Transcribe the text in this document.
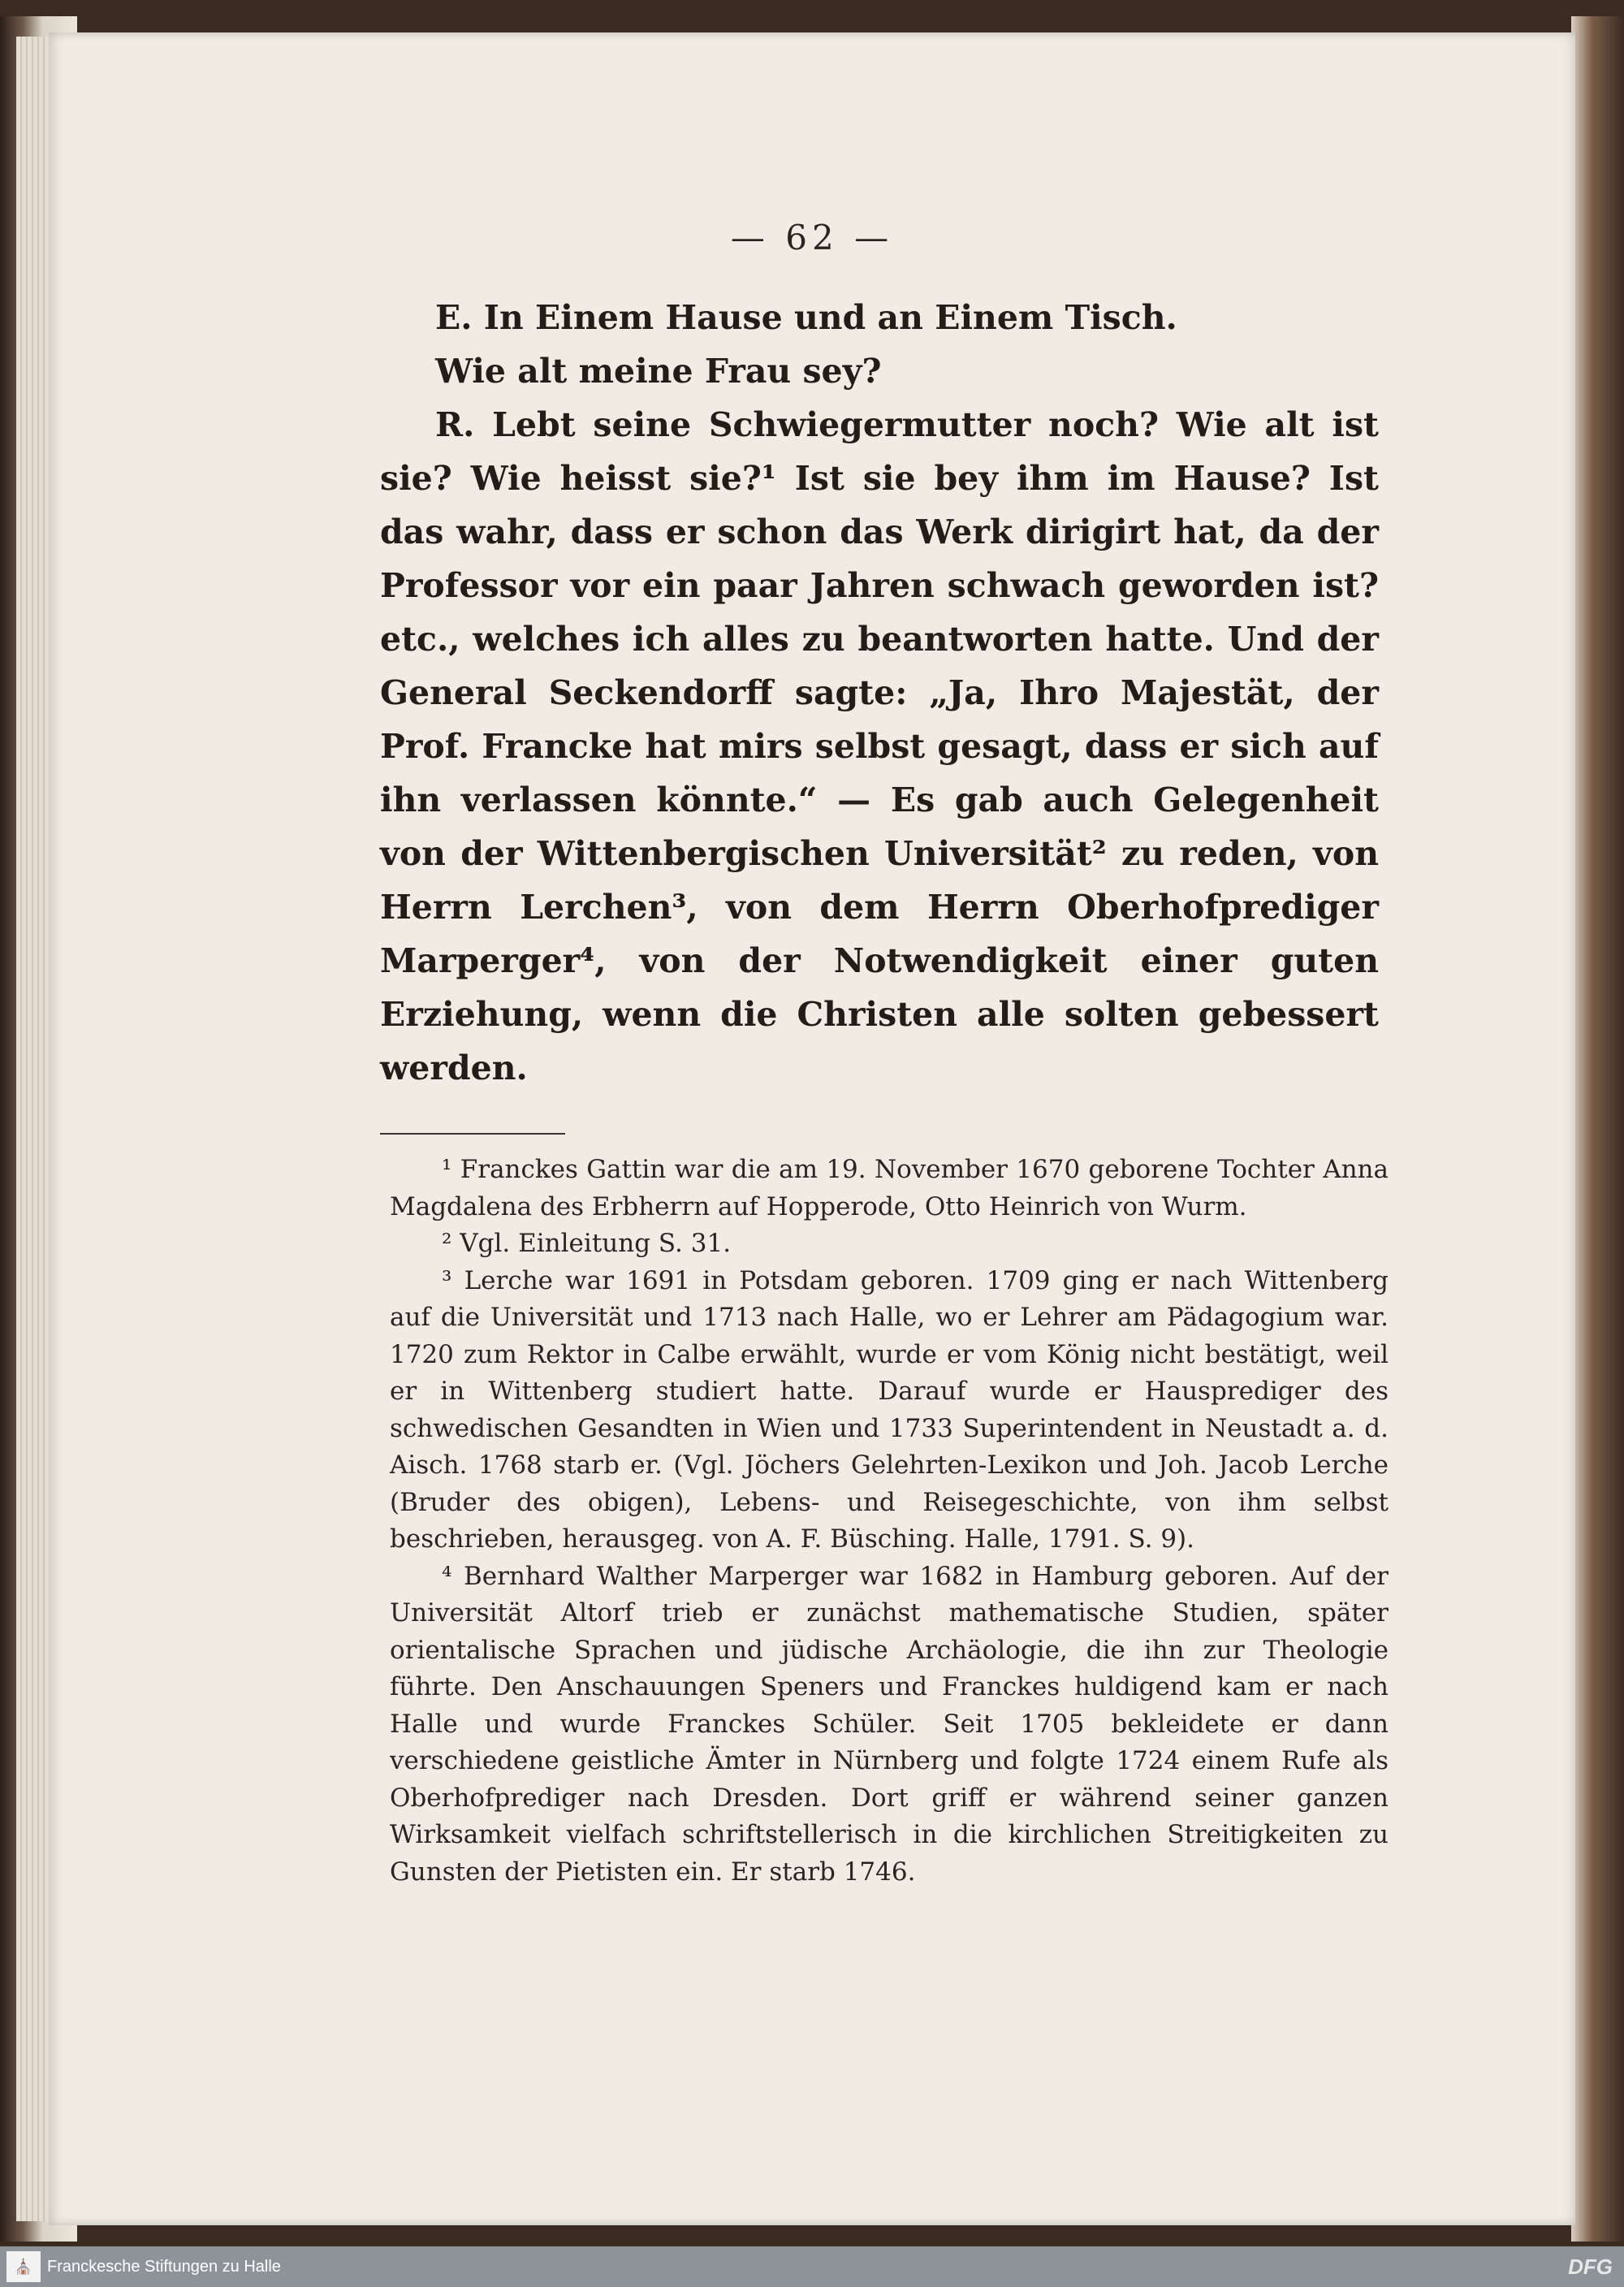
— 62 —

E. In Einem Hause und an Einem Tisch.

Wie alt meine Frau sey?

R. Lebt seine Schwiegermutter noch? Wie alt ist sie? Wie heisst sie?¹ Ist sie bey ihm im Hause? Ist das wahr, dass er schon das Werk dirigirt hat, da der Professor vor ein paar Jahren schwach geworden ist? etc., welches ich alles zu beantworten hatte. Und der General Seckendorff sagte: „Ja, Ihro Majestät, der Prof. Francke hat mirs selbst gesagt, dass er sich auf ihn verlassen könnte.“ — Es gab auch Gelegenheit von der Wittenbergischen Universität² zu reden, von Herrn Lerchen³, von dem Herrn Oberhofprediger Marperger⁴, von der Notwendigkeit einer guten Erziehung, wenn die Christen alle solten gebessert werden.

¹ Franckes Gattin war die am 19. November 1670 geborene Tochter Anna Magdalena des Erbherrn auf Hopperode, Otto Heinrich von Wurm.

² Vgl. Einleitung S. 31.

³ Lerche war 1691 in Potsdam geboren. 1709 ging er nach Wittenberg auf die Universität und 1713 nach Halle, wo er Lehrer am Pädagogium war. 1720 zum Rektor in Calbe erwählt, wurde er vom König nicht bestätigt, weil er in Wittenberg studiert hatte. Darauf wurde er Hausprediger des schwedischen Gesandten in Wien und 1733 Superintendent in Neustadt a. d. Aisch. 1768 starb er. (Vgl. Jöchers Gelehrten-Lexikon und Joh. Jacob Lerche (Bruder des obigen), Lebens- und Reisegeschichte, von ihm selbst beschrieben, herausgeg. von A. F. Büsching. Halle, 1791. S. 9).

⁴ Bernhard Walther Marperger war 1682 in Hamburg geboren. Auf der Universität Altorf trieb er zunächst mathematische Studien, später orientalische Sprachen und jüdische Archäologie, die ihn zur Theologie führte. Den Anschauungen Speners und Franckes huldigend kam er nach Halle und wurde Franckes Schüler. Seit 1705 bekleidete er dann verschiedene geistliche Ämter in Nürnberg und folgte 1724 einem Rufe als Oberhofprediger nach Dresden. Dort griff er während seiner ganzen Wirksamkeit vielfach schriftstellerisch in die kirchlichen Streitigkeiten zu Gunsten der Pietisten ein. Er starb 1746.

⛪ Franckesche Stiftungen zu Halle	DFG
